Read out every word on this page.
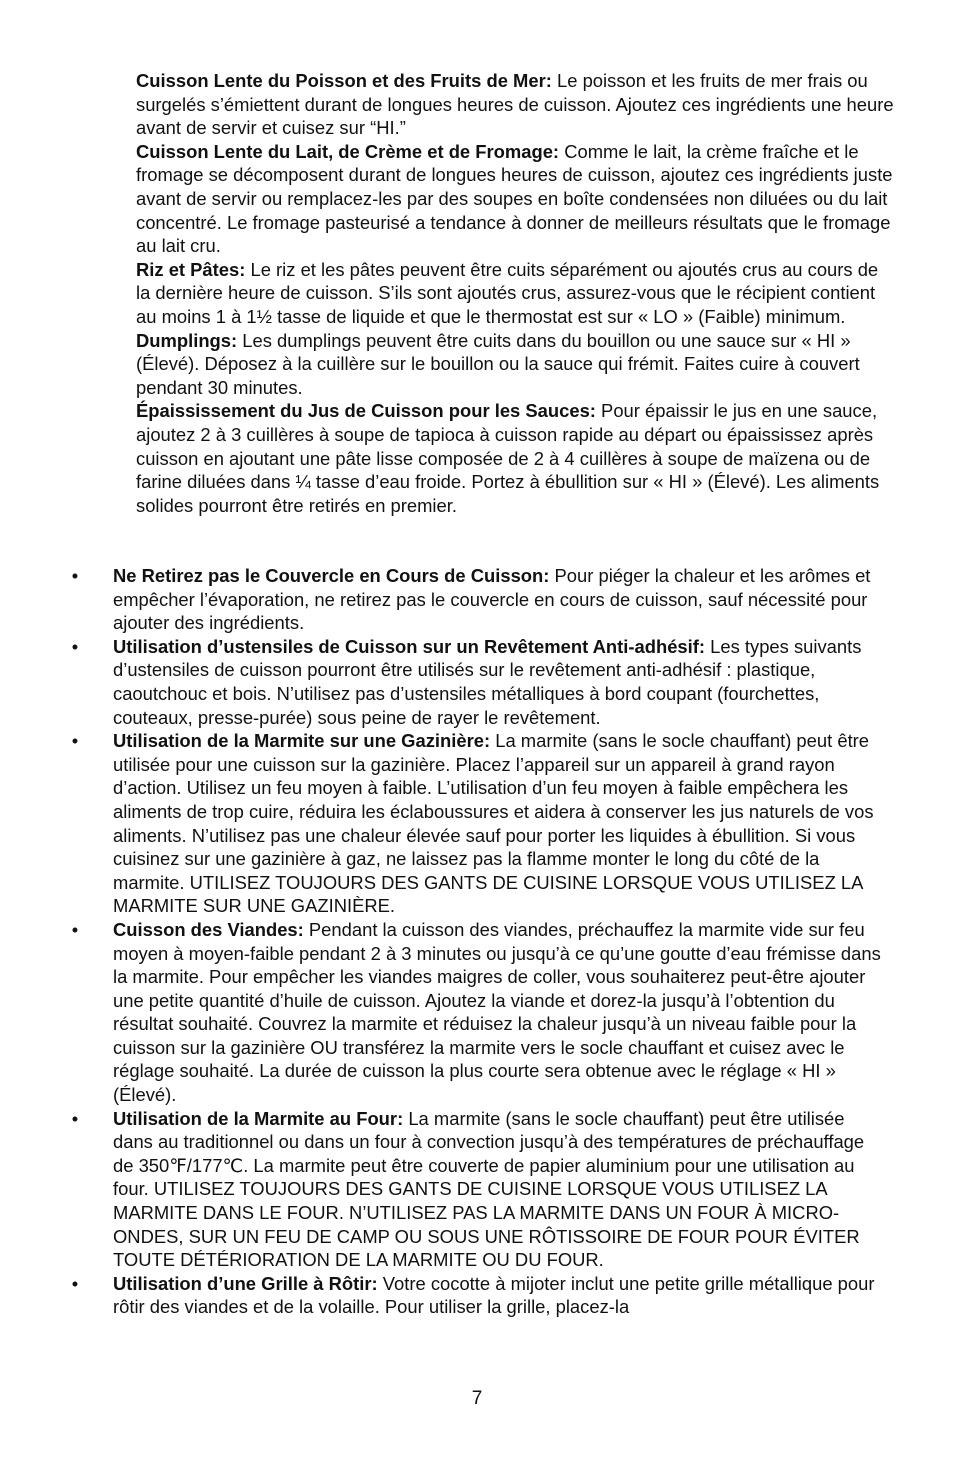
Cuisson Lente du Poisson et des Fruits de Mer: Le poisson et les fruits de mer frais ou surgelés s’émiettent durant de longues heures de cuisson. Ajoutez ces ingrédients une heure avant de servir et cuisez sur “HI.”

Cuisson Lente du Lait, de Crème et de Fromage: Comme le lait, la crème fraîche et le fromage se décomposent durant de longues heures de cuisson, ajoutez ces ingrédients juste avant de servir ou remplacez-les par des soupes en boîte condensées non diluées ou du lait concentré. Le fromage pasteurisé a tendance à donner de meilleurs résultats que le fromage au lait cru.

Riz et Pâtes: Le riz et les pâtes peuvent être cuits séparément ou ajoutés crus au cours de la dernière heure de cuisson. S’ils sont ajoutés crus, assurez-vous que le récipient contient au moins 1 à 1½ tasse de liquide et que le thermostat est sur « LO » (Faible) minimum.

Dumplings: Les dumplings peuvent être cuits dans du bouillon ou une sauce sur « HI » (Élevé). Déposez à la cuillère sur le bouillon ou la sauce qui frémit. Faites cuire à couvert pendant 30 minutes.

Épaississement du Jus de Cuisson pour les Sauces: Pour épaissir le jus en une sauce, ajoutez 2 à 3 cuillères à soupe de tapioca à cuisson rapide au départ ou épaississez après cuisson en ajoutant une pâte lisse composée de 2 à 4 cuillères à soupe de maïzena ou de farine diluées dans ¼ tasse d’eau froide. Portez à ébullition sur « HI » (Élevé). Les aliments solides pourront être retirés en premier.

• Ne Retirez pas le Couvercle en Cours de Cuisson: Pour piéger la chaleur et les arômes et empêcher l’évaporation, ne retirez pas le couvercle en cours de cuisson, sauf nécessité pour ajouter des ingrédients.

• Utilisation d’ustensiles de Cuisson sur un Revêtement Anti-adhésif: Les types suivants d’ustensiles de cuisson pourront être utilisés sur le revêtement anti-adhésif : plastique, caoutchouc et bois. N’utilisez pas d’ustensiles métalliques à bord coupant (fourchettes, couteaux, presse-purée) sous peine de rayer le revêtement.

• Utilisation de la Marmite sur une Gazinière: La marmite (sans le socle chauffant) peut être utilisée pour une cuisson sur la gazinière. Placez l’appareil sur un appareil à grand rayon d’action. Utilisez un feu moyen à faible. L’utilisation d’un feu moyen à faible empêchera les aliments de trop cuire, réduira les éclaboussures et aidera à conserver les jus naturels de vos aliments. N’utilisez pas une chaleur élevée sauf pour porter les liquides à ébullition. Si vous cuisinez sur une gazinière à gaz, ne laissez pas la flamme monter le long du côté de la marmite. UTILISEZ TOUJOURS DES GANTS DE CUISINE LORSQUE VOUS UTILISEZ LA MARMITE SUR UNE GAZINIÈRE.

• Cuisson des Viandes: Pendant la cuisson des viandes, préchauffez la marmite vide sur feu moyen à moyen-faible pendant 2 à 3 minutes ou jusqu’à ce qu’une goutte d’eau frémisse dans la marmite. Pour empêcher les viandes maigres de coller, vous souhaiterez peut-être ajouter une petite quantité d’huile de cuisson. Ajoutez la viande et dorez-la jusqu’à l’obtention du résultat souhaité. Couvrez la marmite et réduisez la chaleur jusqu’à un niveau faible pour la cuisson sur la gazinière OU transférez la marmite vers le socle chauffant et cuisez avec le réglage souhaité. La durée de cuisson la plus courte sera obtenue avec le réglage « HI » (Élevé).

• Utilisation de la Marmite au Four: La marmite (sans le socle chauffant) peut être utilisée dans au traditionnel ou dans un four à convection jusqu’à des températures de préchauffage de 350℉/177℃. La marmite peut être couverte de papier aluminium pour une utilisation au four. UTILISEZ TOUJOURS DES GANTS DE CUISINE LORSQUE VOUS UTILISEZ LA MARMITE DANS LE FOUR. N’UTILISEZ PAS LA MARMITE DANS UN FOUR À MICRO-ONDES, SUR UN FEU DE CAMP OU SOUS UNE RÔTISSOIRE DE FOUR POUR ÉVITER TOUTE DÉTÉRIORATION DE LA MARMITE OU DU FOUR.

• Utilisation d’une Grille à Rôtir: Votre cocotte à mijoter inclut une petite grille métallique pour rôtir des viandes et de la volaille. Pour utiliser la grille, placez-la

7
